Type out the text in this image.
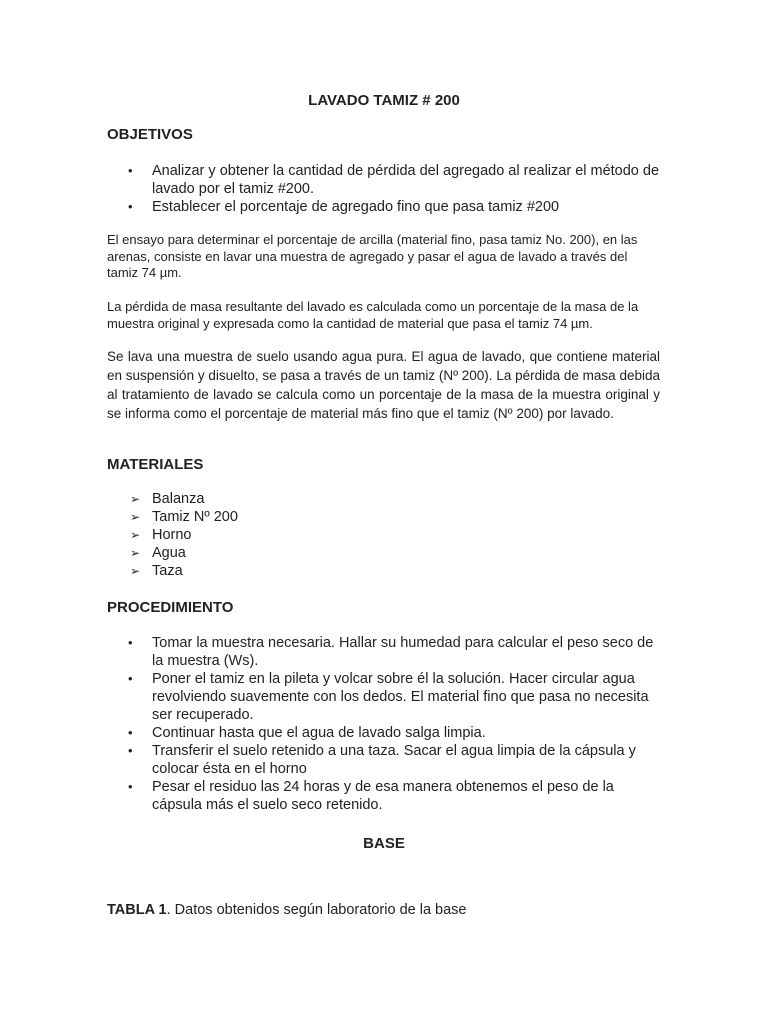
LAVADO TAMIZ # 200
OBJETIVOS
• Analizar y obtener la cantidad de pérdida del agregado al realizar el método de lavado por el tamiz #200.
• Establecer el porcentaje de agregado fino que pasa tamiz #200

El ensayo para determinar el porcentaje de arcilla (material fino, pasa tamiz No. 200), en las arenas, consiste en lavar una muestra de agregado y pasar el agua de lavado a través del tamiz 74 µm.

La pérdida de masa resultante del lavado es calculada como un porcentaje de la masa de la muestra original y expresada como la cantidad de material que pasa el tamiz 74 µm.

Se lava una muestra de suelo usando agua pura. El agua de lavado, que contiene material en suspensión y disuelto, se pasa a través de un tamiz (Nº 200). La pérdida de masa debida al tratamiento de lavado se calcula como un porcentaje de la masa de la muestra original y se informa como el porcentaje de material más fino que el tamiz (Nº 200) por lavado.

MATERIALES
➢ Balanza
➢ Tamiz Nº 200
➢ Horno
➢ Agua
➢ Taza
PROCEDIMIENTO
• Tomar la muestra necesaria. Hallar su humedad para calcular el peso seco de la muestra (Ws).
• Poner el tamiz en la pileta y volcar sobre él la solución. Hacer circular agua revolviendo suavemente con los dedos. El material fino que pasa no necesita ser recuperado.
• Continuar hasta que el agua de lavado salga limpia.
• Transferir el suelo retenido a una taza. Sacar el agua limpia de la cápsula y colocar ésta en el horno
• Pesar el residuo las 24 horas y de esa manera obtenemos el peso de la cápsula más el suelo seco retenido.
BASE
TABLA 1. Datos obtenidos según laboratorio de la base
